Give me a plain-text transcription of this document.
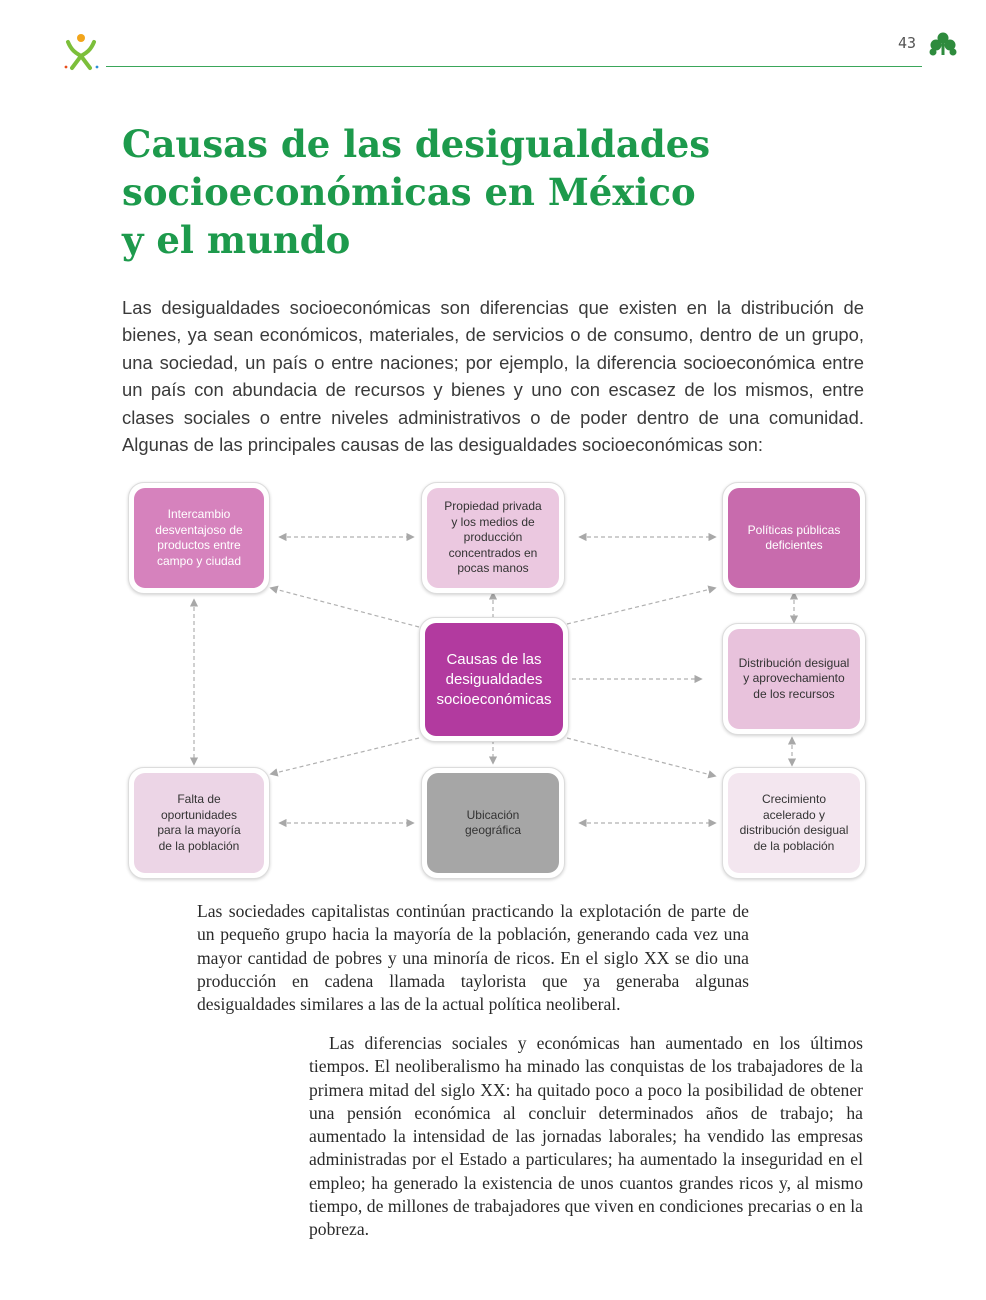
43
Causas de las desigualdades
socioeconómicas en México
y el mundo

Las desigualdades socioeconómicas son diferencias que existen en la distribución de bienes, ya sean económicos, materiales, de servicios o de consumo, dentro de un grupo, una sociedad, un país o entre naciones; por ejemplo, la diferencia socioeconómica entre un país con abundacia de recursos y bienes y uno con escasez de los mismos, entre clases sociales o entre niveles administrativos o de poder dentro de una comunidad. Algunas de las principales causas de las desigualdades socioeconómicas son:

Intercambio
desventajoso de
productos entre
campo y ciudad
Propiedad privada
y los medios de
producción
concentrados en
pocas manos
Políticas públicas
deficientes
Causas de las
desigualdades
socioeconómicas
Distribución desigual
y aprovechamiento
de los recursos
Falta de
oportunidades
para la mayoría
de la población
Ubicación
geográfica
Crecimiento
acelerado y
distribución desigual
de la población

Las sociedades capitalistas continúan practicando la explotación de parte de un pequeño grupo hacia la mayoría de la población, generando cada vez una mayor cantidad de pobres y una minoría de ricos. En el siglo XX se dio una producción en cadena llamada taylorista que ya generaba algunas desigualdades similares a las de la actual política neoliberal.

Las diferencias sociales y económicas han aumentado en los últimos tiempos. El neoliberalismo ha minado las conquistas de los trabajadores de la primera mitad del siglo XX: ha quitado poco a poco la posibilidad de obtener una pensión económica al concluir determinados años de trabajo; ha aumentado la intensidad de las jornadas laborales; ha vendido las empresas administradas por el Estado a particulares; ha aumentado la inseguridad en el empleo; ha generado la existencia de unos cuantos grandes ricos y, al mismo tiempo, de millones de trabajadores que viven en condiciones precarias o en la pobreza.
